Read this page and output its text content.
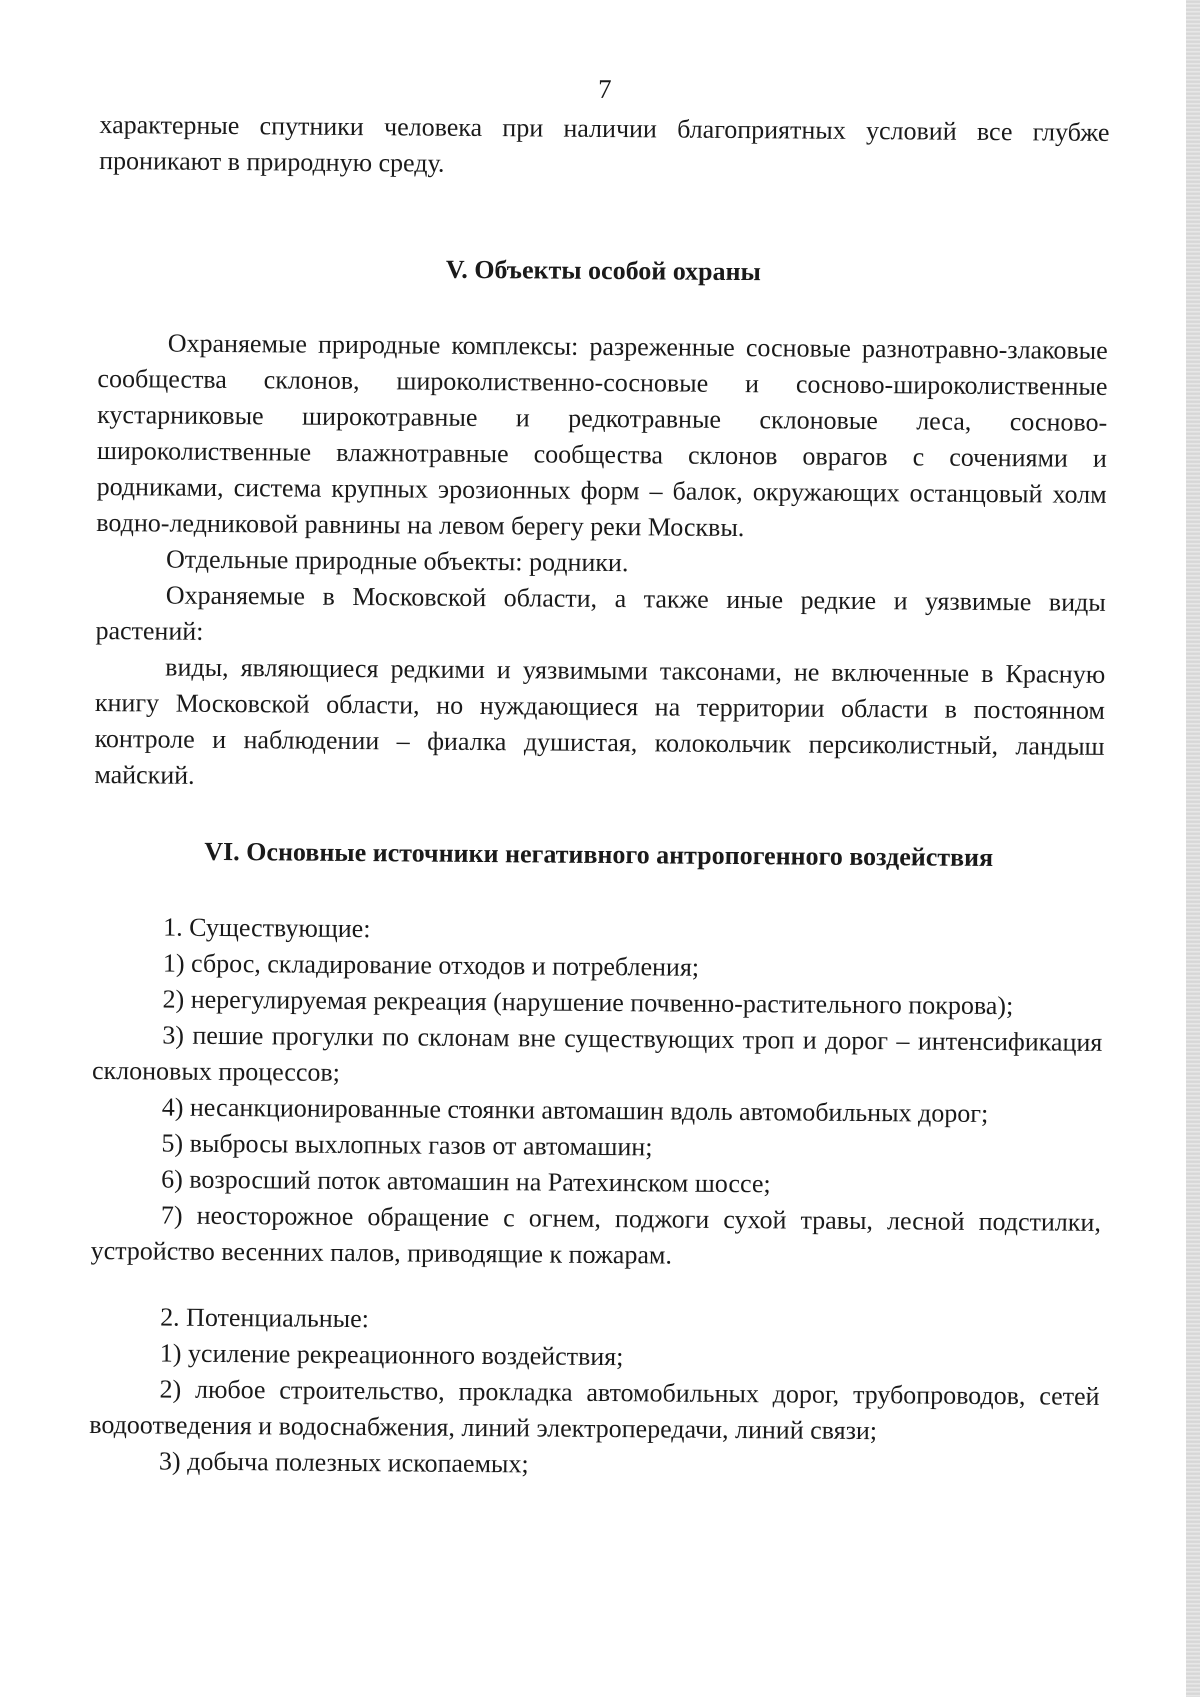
7

характерные спутники человека при наличии благоприятных условий все глубже проникают в природную среду.

V. Объекты особой охраны

Охраняемые природные комплексы: разреженные сосновые разнотравно-злаковые сообщества склонов, широколиственно-сосновые и сосново-широколиственные кустарниковые широкотравные и редкотравные склоновые леса, сосново-широколиственные влажнотравные сообщества склонов оврагов с сочениями и родниками, система крупных эрозионных форм – балок, окружающих останцовый холм водно-ледниковой равнины на левом берегу реки Москвы.

Отдельные природные объекты: родники.

Охраняемые в Московской области, а также иные редкие и уязвимые виды растений:

виды, являющиеся редкими и уязвимыми таксонами, не включенные в Красную книгу Московской области, но нуждающиеся на территории области в постоянном контроле и наблюдении – фиалка душистая, колокольчик персиколистный, ландыш майский.

VI. Основные источники негативного антропогенного воздействия

1. Существующие:

1) сброс, складирование отходов и потребления;

2) нерегулируемая рекреация (нарушение почвенно-растительного покрова);

3) пешие прогулки по склонам вне существующих троп и дорог – интенсификация склоновых процессов;

4) несанкционированные стоянки автомашин вдоль автомобильных дорог;

5) выбросы выхлопных газов от автомашин;

6) возросший поток автомашин на Ратехинском шоссе;

7) неосторожное обращение с огнем, поджоги сухой травы, лесной подстилки, устройство весенних палов, приводящие к пожарам.

2. Потенциальные:

1) усиление рекреационного воздействия;

2) любое строительство, прокладка автомобильных дорог, трубопроводов, сетей водоотведения и водоснабжения, линий электропередачи, линий связи;

3) добыча полезных ископаемых;
